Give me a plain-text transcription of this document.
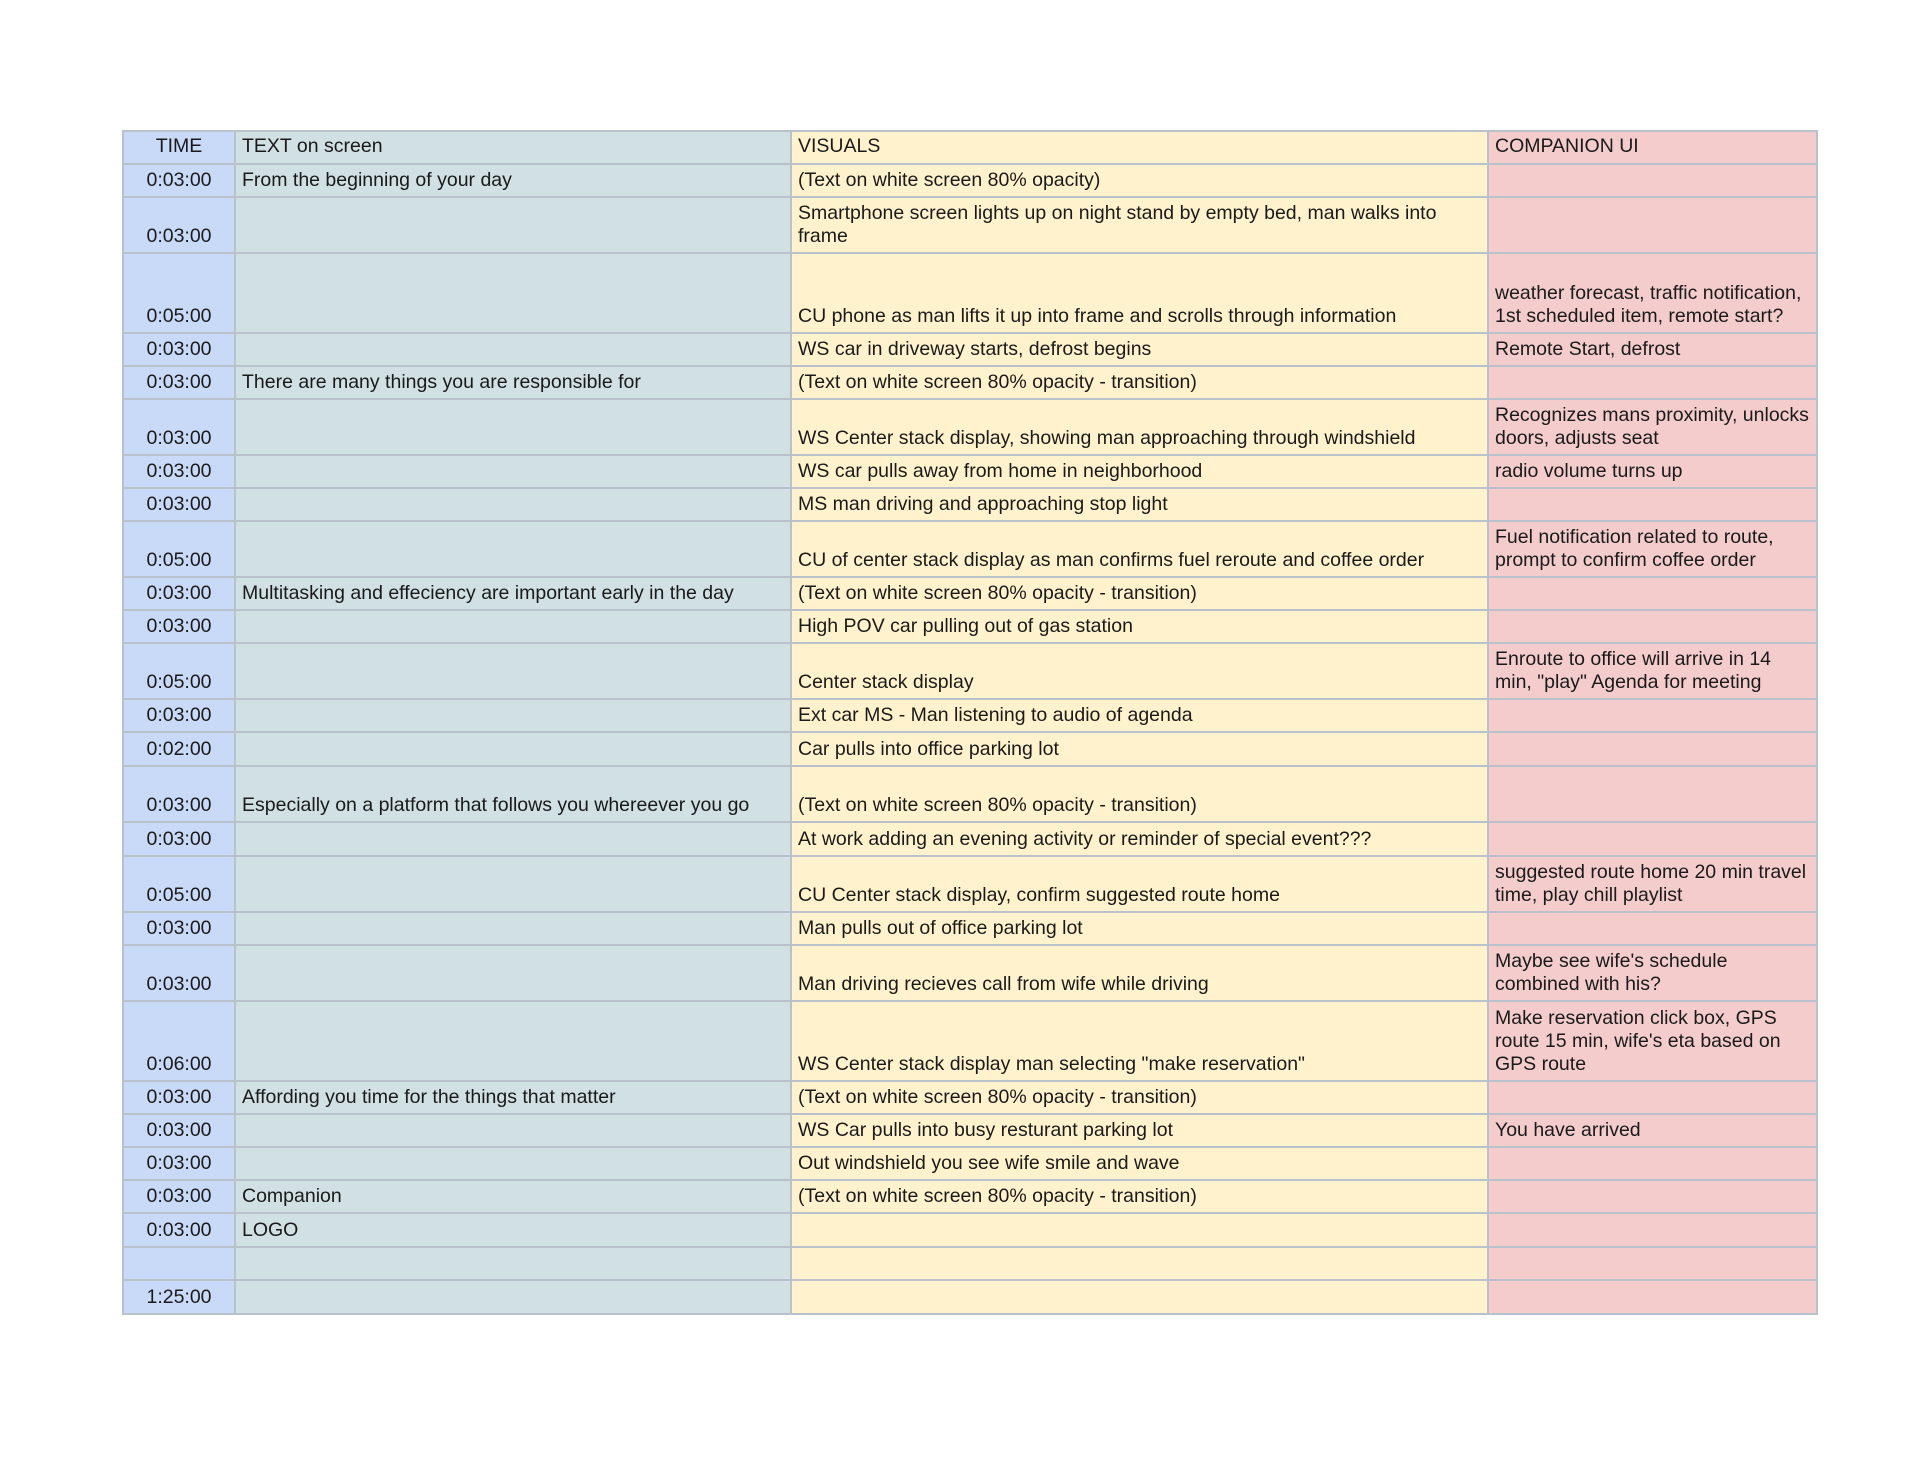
TIME	TEXT on screen	VISUALS	COMPANION UI
0:03:00	From the beginning of your day	(Text on white screen 80% opacity)	
0:03:00		Smartphone screen lights up on night stand by empty bed, man walks into frame	
0:05:00		CU phone as man lifts it up into frame and scrolls through information	weather forecast, traffic notification, 1st scheduled item, remote start?
0:03:00		WS car in driveway starts, defrost begins	Remote Start, defrost
0:03:00	There are many things you are responsible for	(Text on white screen 80% opacity - transition)	
0:03:00		WS Center stack display, showing man approaching through windshield	Recognizes mans proximity, unlocks doors, adjusts seat
0:03:00		WS car pulls away from home in neighborhood	radio volume turns up
0:03:00		MS man driving and approaching stop light	
0:05:00		CU of center stack display as man confirms fuel reroute and coffee order	Fuel notification related to route, prompt to confirm coffee order
0:03:00	Multitasking and effeciency are important early in the day	(Text on white screen 80% opacity - transition)	
0:03:00		High POV car pulling out of gas station	
0:05:00		Center stack display	Enroute to office will arrive in 14 min, "play" Agenda for meeting
0:03:00		Ext car MS - Man listening to audio of agenda	
0:02:00		Car pulls into office parking lot	
0:03:00	Especially on a platform that follows you whereever you go	(Text on white screen 80% opacity - transition)	
0:03:00		At work adding an evening activity or reminder of special event???	
0:05:00		CU Center stack display, confirm suggested route home	suggested route home 20 min travel time, play chill playlist
0:03:00		Man pulls out of office parking lot	
0:03:00		Man driving recieves call from wife while driving	Maybe see wife's schedule combined with his?
0:06:00		WS Center stack display man selecting "make reservation"	Make reservation click box, GPS route 15 min, wife's eta based on GPS route
0:03:00	Affording you time for the things that matter	(Text on white screen 80% opacity - transition)	
0:03:00		WS Car pulls into busy resturant parking lot	You have arrived
0:03:00		Out windshield you see wife smile and wave	
0:03:00	Companion	(Text on white screen 80% opacity - transition)	
0:03:00	LOGO		

1:25:00			
